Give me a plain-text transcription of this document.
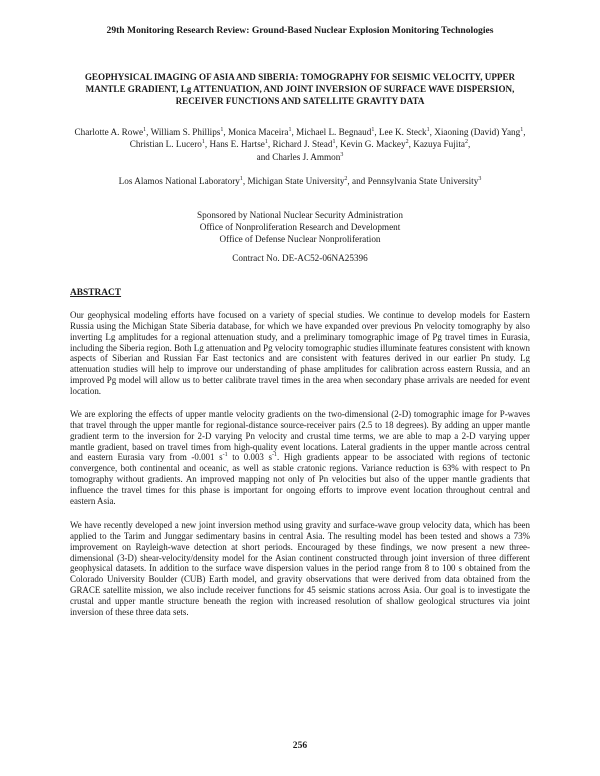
29th Monitoring Research Review: Ground-Based Nuclear Explosion Monitoring Technologies
GEOPHYSICAL IMAGING OF ASIA AND SIBERIA: TOMOGRAPHY FOR SEISMIC VELOCITY, UPPER MANTLE GRADIENT, Lg ATTENUATION, AND JOINT INVERSION OF SURFACE WAVE DISPERSION, RECEIVER FUNCTIONS AND SATELLITE GRAVITY DATA
Charlotte A. Rowe$^1$, William S. Phillips$^1$, Monica Maceira$^1$, Michael L. Begnaud$^1$, Lee K. Steck$^1$, Xiaoning (David) Yang$^1$, Christian L. Lucero$^1$, Hans E. Hartse$^1$, Richard J. Stead$^1$, Kevin G. Mackey$^2$, Kazuya Fujita$^2$,
and Charles J. Ammon$^3$
Los Alamos National Laboratory$^1$, Michigan State University$^2$, and Pennsylvania State University$^3$
Sponsored by National Nuclear Security Administration
Office of Nonproliferation Research and Development
Office of Defense Nuclear Nonproliferation
Contract No. DE-AC52-06NA25396
ABSTRACT

Our geophysical modeling efforts have focused on a variety of special studies. We continue to develop models for Eastern Russia using the Michigan State Siberia database, for which we have expanded over previous Pn velocity tomography by also inverting Lg amplitudes for a regional attenuation study, and a preliminary tomographic image of Pg travel times in Eurasia, including the Siberia region. Both Lg attenuation and Pg velocity tomographic studies illuminate features consistent with known aspects of Siberian and Russian Far East tectonics and are consistent with features derived in our earlier Pn study. Lg attenuation studies will help to improve our understanding of phase amplitudes for calibration across eastern Russia, and an improved Pg model will allow us to better calibrate travel times in the area when secondary phase arrivals are needed for event location.

We are exploring the effects of upper mantle velocity gradients on the two-dimensional (2-D) tomographic image for P-waves that travel through the upper mantle for regional-distance source-receiver pairs (2.5 to 18 degrees). By adding an upper mantle gradient term to the inversion for 2-D varying Pn velocity and crustal time terms, we are able to map a 2-D varying upper mantle gradient, based on travel times from high-quality event locations. Lateral gradients in the upper mantle across central and eastern Eurasia vary from -0.001 $s^{-1}$ to 0.003 $s^{-1}$. High gradients appear to be associated with regions of tectonic convergence, both continental and oceanic, as well as stable cratonic regions. Variance reduction is 63% with respect to Pn tomography without gradients. An improved mapping not only of Pn velocities but also of the upper mantle gradients that influence the travel times for this phase is important for ongoing efforts to improve event location throughout central and eastern Asia.

We have recently developed a new joint inversion method using gravity and surface-wave group velocity data, which has been applied to the Tarim and Junggar sedimentary basins in central Asia. The resulting model has been tested and shows a 73% improvement on Rayleigh-wave detection at short periods. Encouraged by these findings, we now present a new three-dimensional (3-D) shear-velocity/density model for the Asian continent constructed through joint inversion of three different geophysical datasets. In addition to the surface wave dispersion values in the period range from 8 to 100 s obtained from the Colorado University Boulder (CUB) Earth model, and gravity observations that were derived from data obtained from the GRACE satellite mission, we also include receiver functions for 45 seismic stations across Asia. Our goal is to investigate the crustal and upper mantle structure beneath the region with increased resolution of shallow geological structures via joint inversion of these three data sets.

256
